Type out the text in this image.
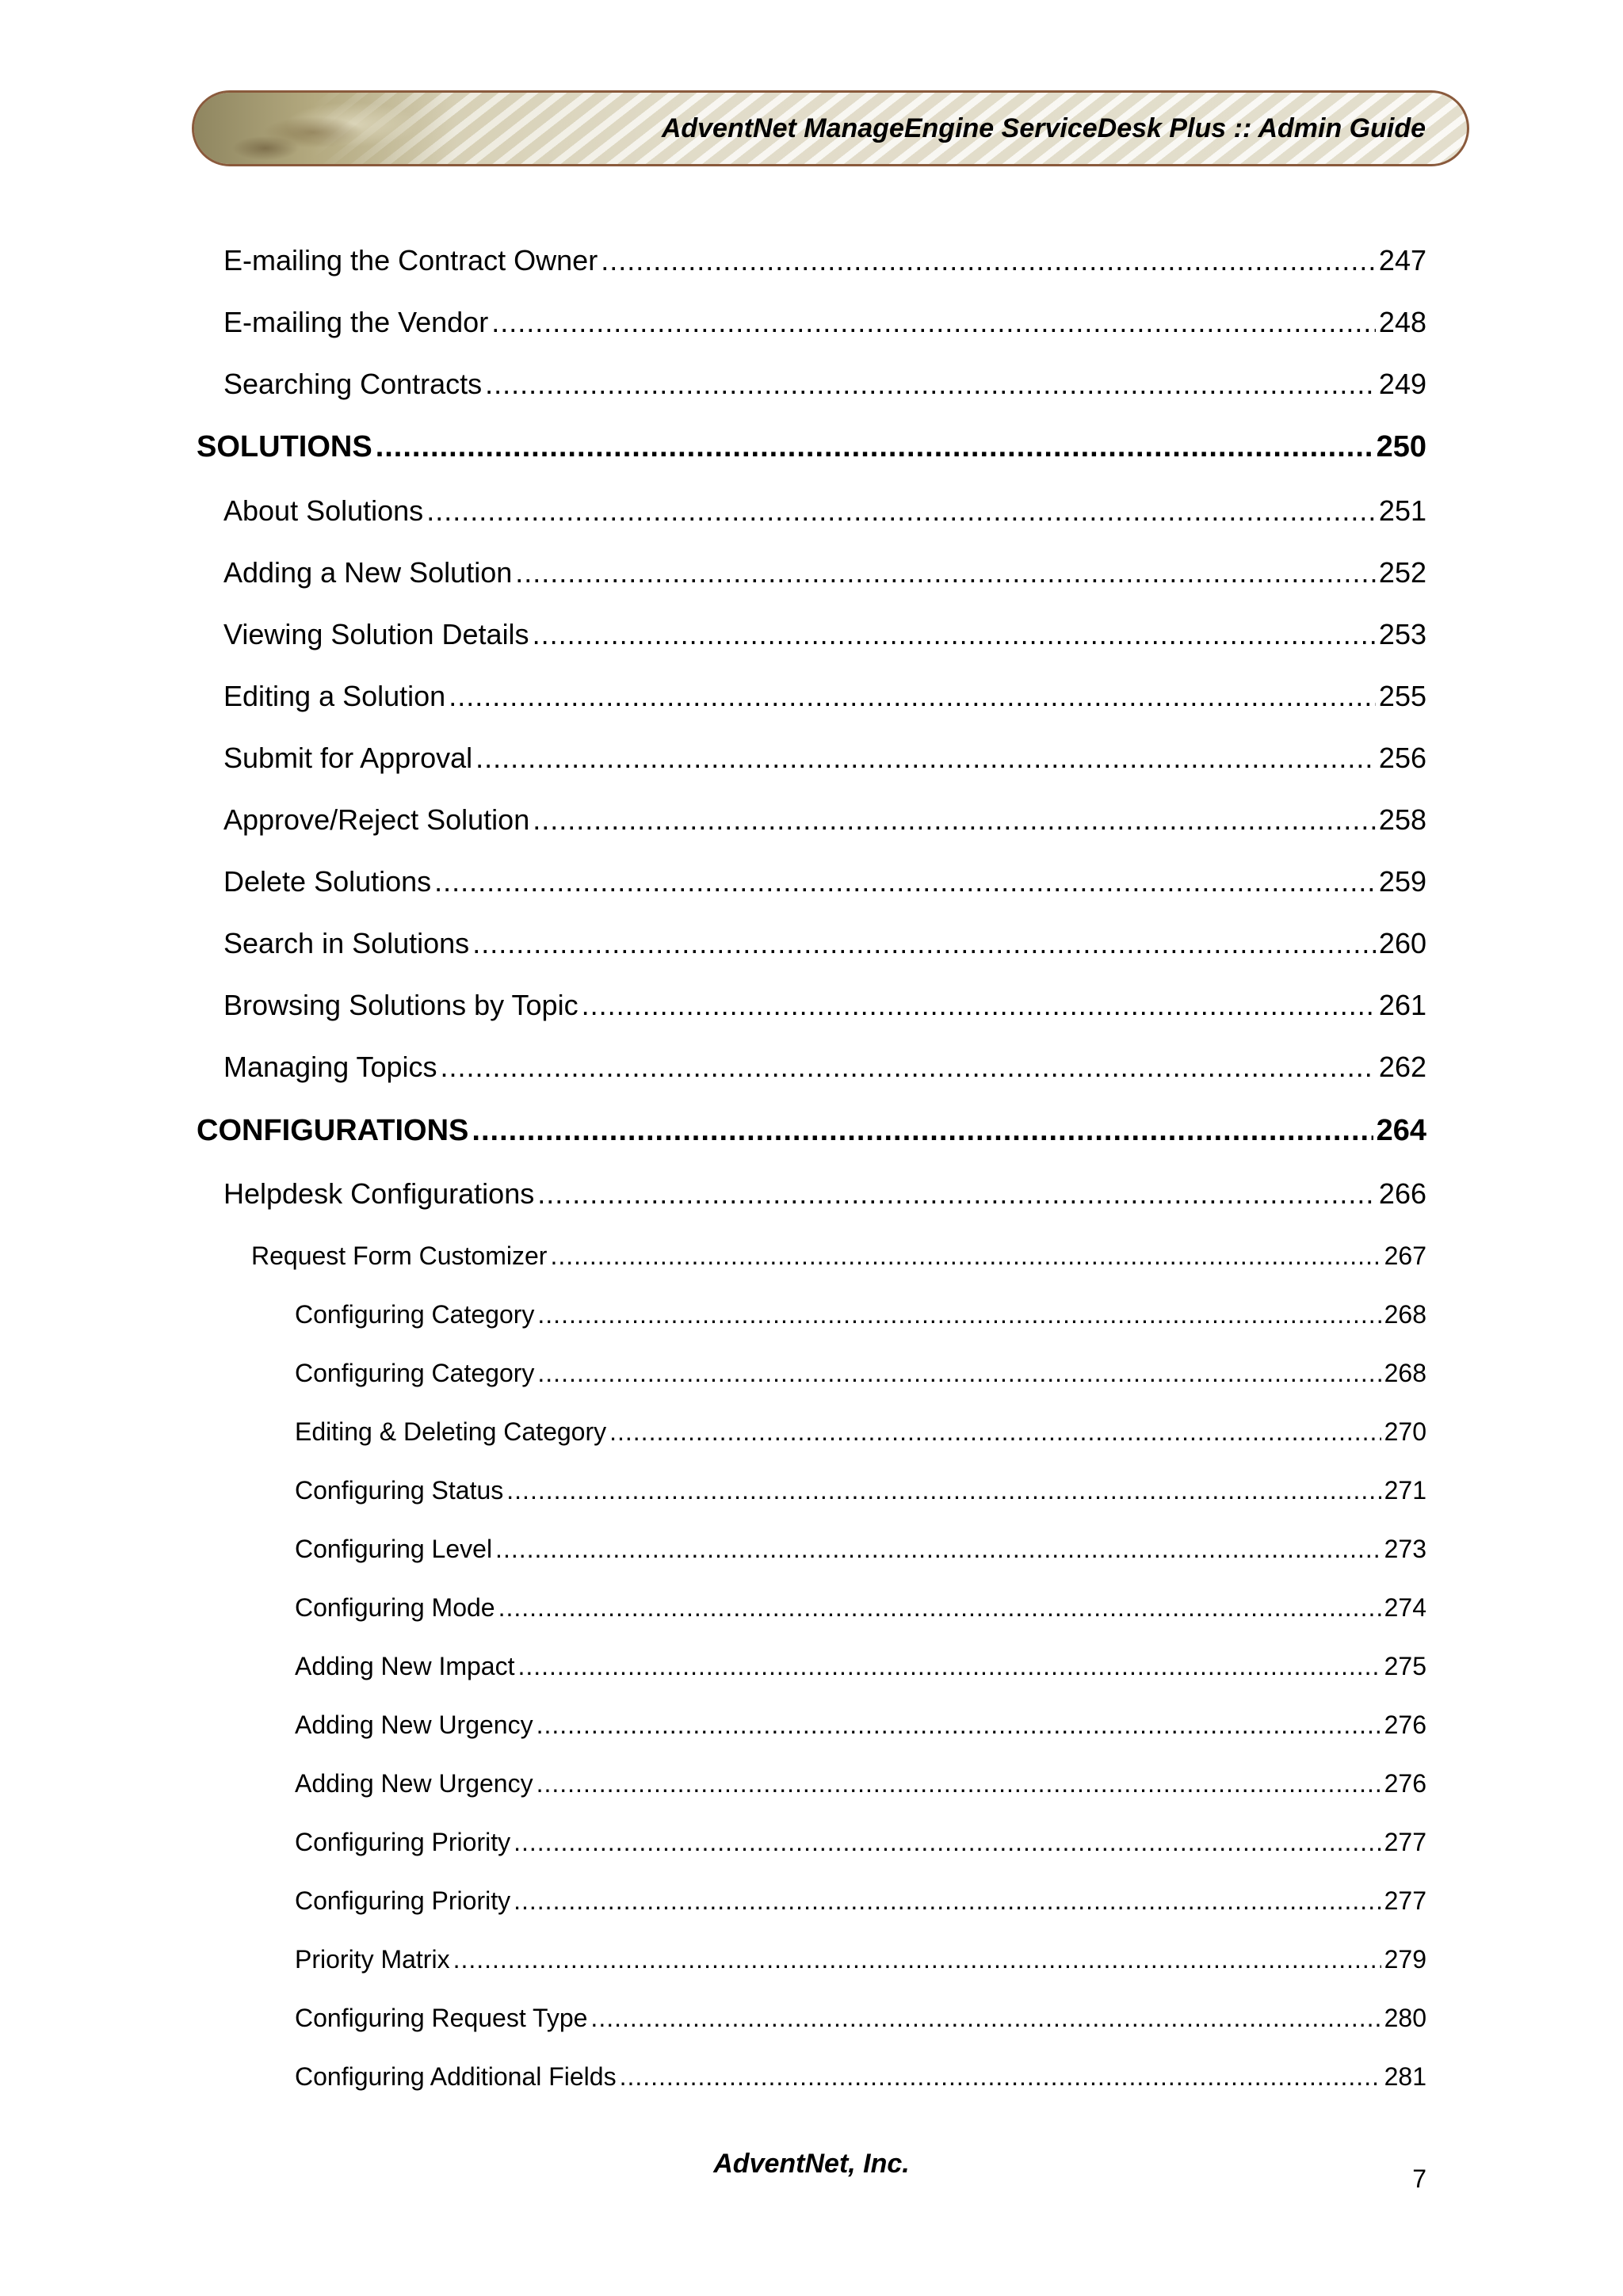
AdventNet ManageEngine ServiceDesk Plus :: Admin Guide
E-mailing the Contract Owner .....	247
E-mailing the Vendor .....	248
Searching Contracts .....	249
SOLUTIONS .....	250
About Solutions .....	251
Adding a New Solution .....	252
Viewing Solution Details .....	253
Editing a Solution .....	255
Submit for Approval .....	256
Approve/Reject Solution .....	258
Delete Solutions .....	259
Search in Solutions .....	260
Browsing Solutions by Topic .....	261
Managing Topics .....	262
CONFIGURATIONS .....	264
Helpdesk Configurations .....	266
Request Form Customizer .....	267
Configuring Category .....	268
Configuring Category .....	268
Editing & Deleting Category .....	270
Configuring Status .....	271
Configuring Level .....	273
Configuring Mode .....	274
Adding New Impact .....	275
Adding New Urgency .....	276
Adding New Urgency .....	276
Configuring Priority .....	277
Configuring Priority .....	277
Priority Matrix .....	279
Configuring Request Type .....	280
Configuring Additional Fields .....	281
AdventNet, Inc.	7
